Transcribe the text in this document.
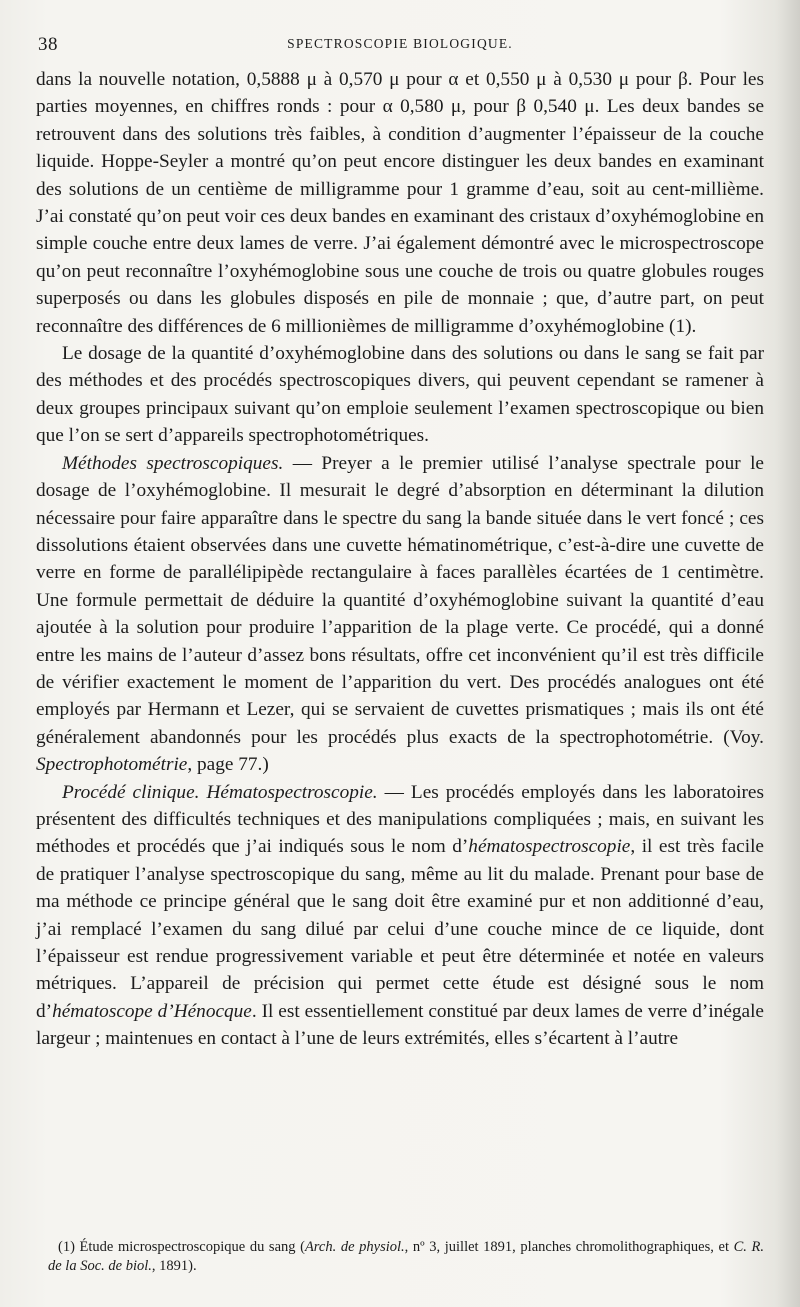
38	SPECTROSCOPIE BIOLOGIQUE.

dans la nouvelle notation, 0,5888 μ à 0,570 μ pour α et 0,550 μ à 0,530 μ pour β. Pour les parties moyennes, en chiffres ronds : pour α 0,580 μ, pour β 0,540 μ. Les deux bandes se retrouvent dans des solutions très faibles, à condition d’augmenter l’épaisseur de la couche liquide. Hoppe-Seyler a montré qu’on peut encore distinguer les deux bandes en examinant des solutions de un centième de milligramme pour 1 gramme d’eau, soit au cent-millième. J’ai constaté qu’on peut voir ces deux bandes en examinant des cristaux d’oxyhémoglobine en simple couche entre deux lames de verre. J’ai également démontré avec le microspectroscope qu’on peut reconnaître l’oxyhémoglobine sous une couche de trois ou quatre globules rouges superposés ou dans les globules disposés en pile de monnaie ; que, d’autre part, on peut reconnaître des différences de 6 millionièmes de milligramme d’oxyhémoglobine (1).

Le dosage de la quantité d’oxyhémoglobine dans des solutions ou dans le sang se fait par des méthodes et des procédés spectroscopiques divers, qui peuvent cependant se ramener à deux groupes principaux suivant qu’on emploie seulement l’examen spectroscopique ou bien que l’on se sert d’appareils spectrophotométriques.

Méthodes spectroscopiques. — Preyer a le premier utilisé l’analyse spectrale pour le dosage de l’oxyhémoglobine. Il mesurait le degré d’absorption en déterminant la dilution nécessaire pour faire apparaître dans le spectre du sang la bande située dans le vert foncé ; ces dissolutions étaient observées dans une cuvette hématinométrique, c’est-à-dire une cuvette de verre en forme de parallélipipède rectangulaire à faces parallèles écartées de 1 centimètre. Une formule permettait de déduire la quantité d’oxyhémoglobine suivant la quantité d’eau ajoutée à la solution pour produire l’apparition de la plage verte. Ce procédé, qui a donné entre les mains de l’auteur d’assez bons résultats, offre cet inconvénient qu’il est très difficile de vérifier exactement le moment de l’apparition du vert. Des procédés analogues ont été employés par Hermann et Lezer, qui se servaient de cuvettes prismatiques ; mais ils ont été généralement abandonnés pour les procédés plus exacts de la spectrophotométrie. (Voy. Spectrophotométrie, page 77.)

Procédé clinique. Hématospectroscopie. — Les procédés employés dans les laboratoires présentent des difficultés techniques et des manipulations compliquées ; mais, en suivant les méthodes et procédés que j’ai indiqués sous le nom d’hématospectroscopie, il est très facile de pratiquer l’analyse spectroscopique du sang, même au lit du malade. Prenant pour base de ma méthode ce principe général que le sang doit être examiné pur et non additionné d’eau, j’ai remplacé l’examen du sang dilué par celui d’une couche mince de ce liquide, dont l’épaisseur est rendue progressivement variable et peut être déterminée et notée en valeurs métriques. L’appareil de précision qui permet cette étude est désigné sous le nom d’hématoscope d’Hénocque. Il est essentiellement constitué par deux lames de verre d’inégale largeur ; maintenues en contact à l’une de leurs extrémités, elles s’écartent à l’autre

(1) Étude microspectroscopique du sang (Arch. de physiol., nº 3, juillet 1891, planches chromolithographiques, et C. R. de la Soc. de biol., 1891).
